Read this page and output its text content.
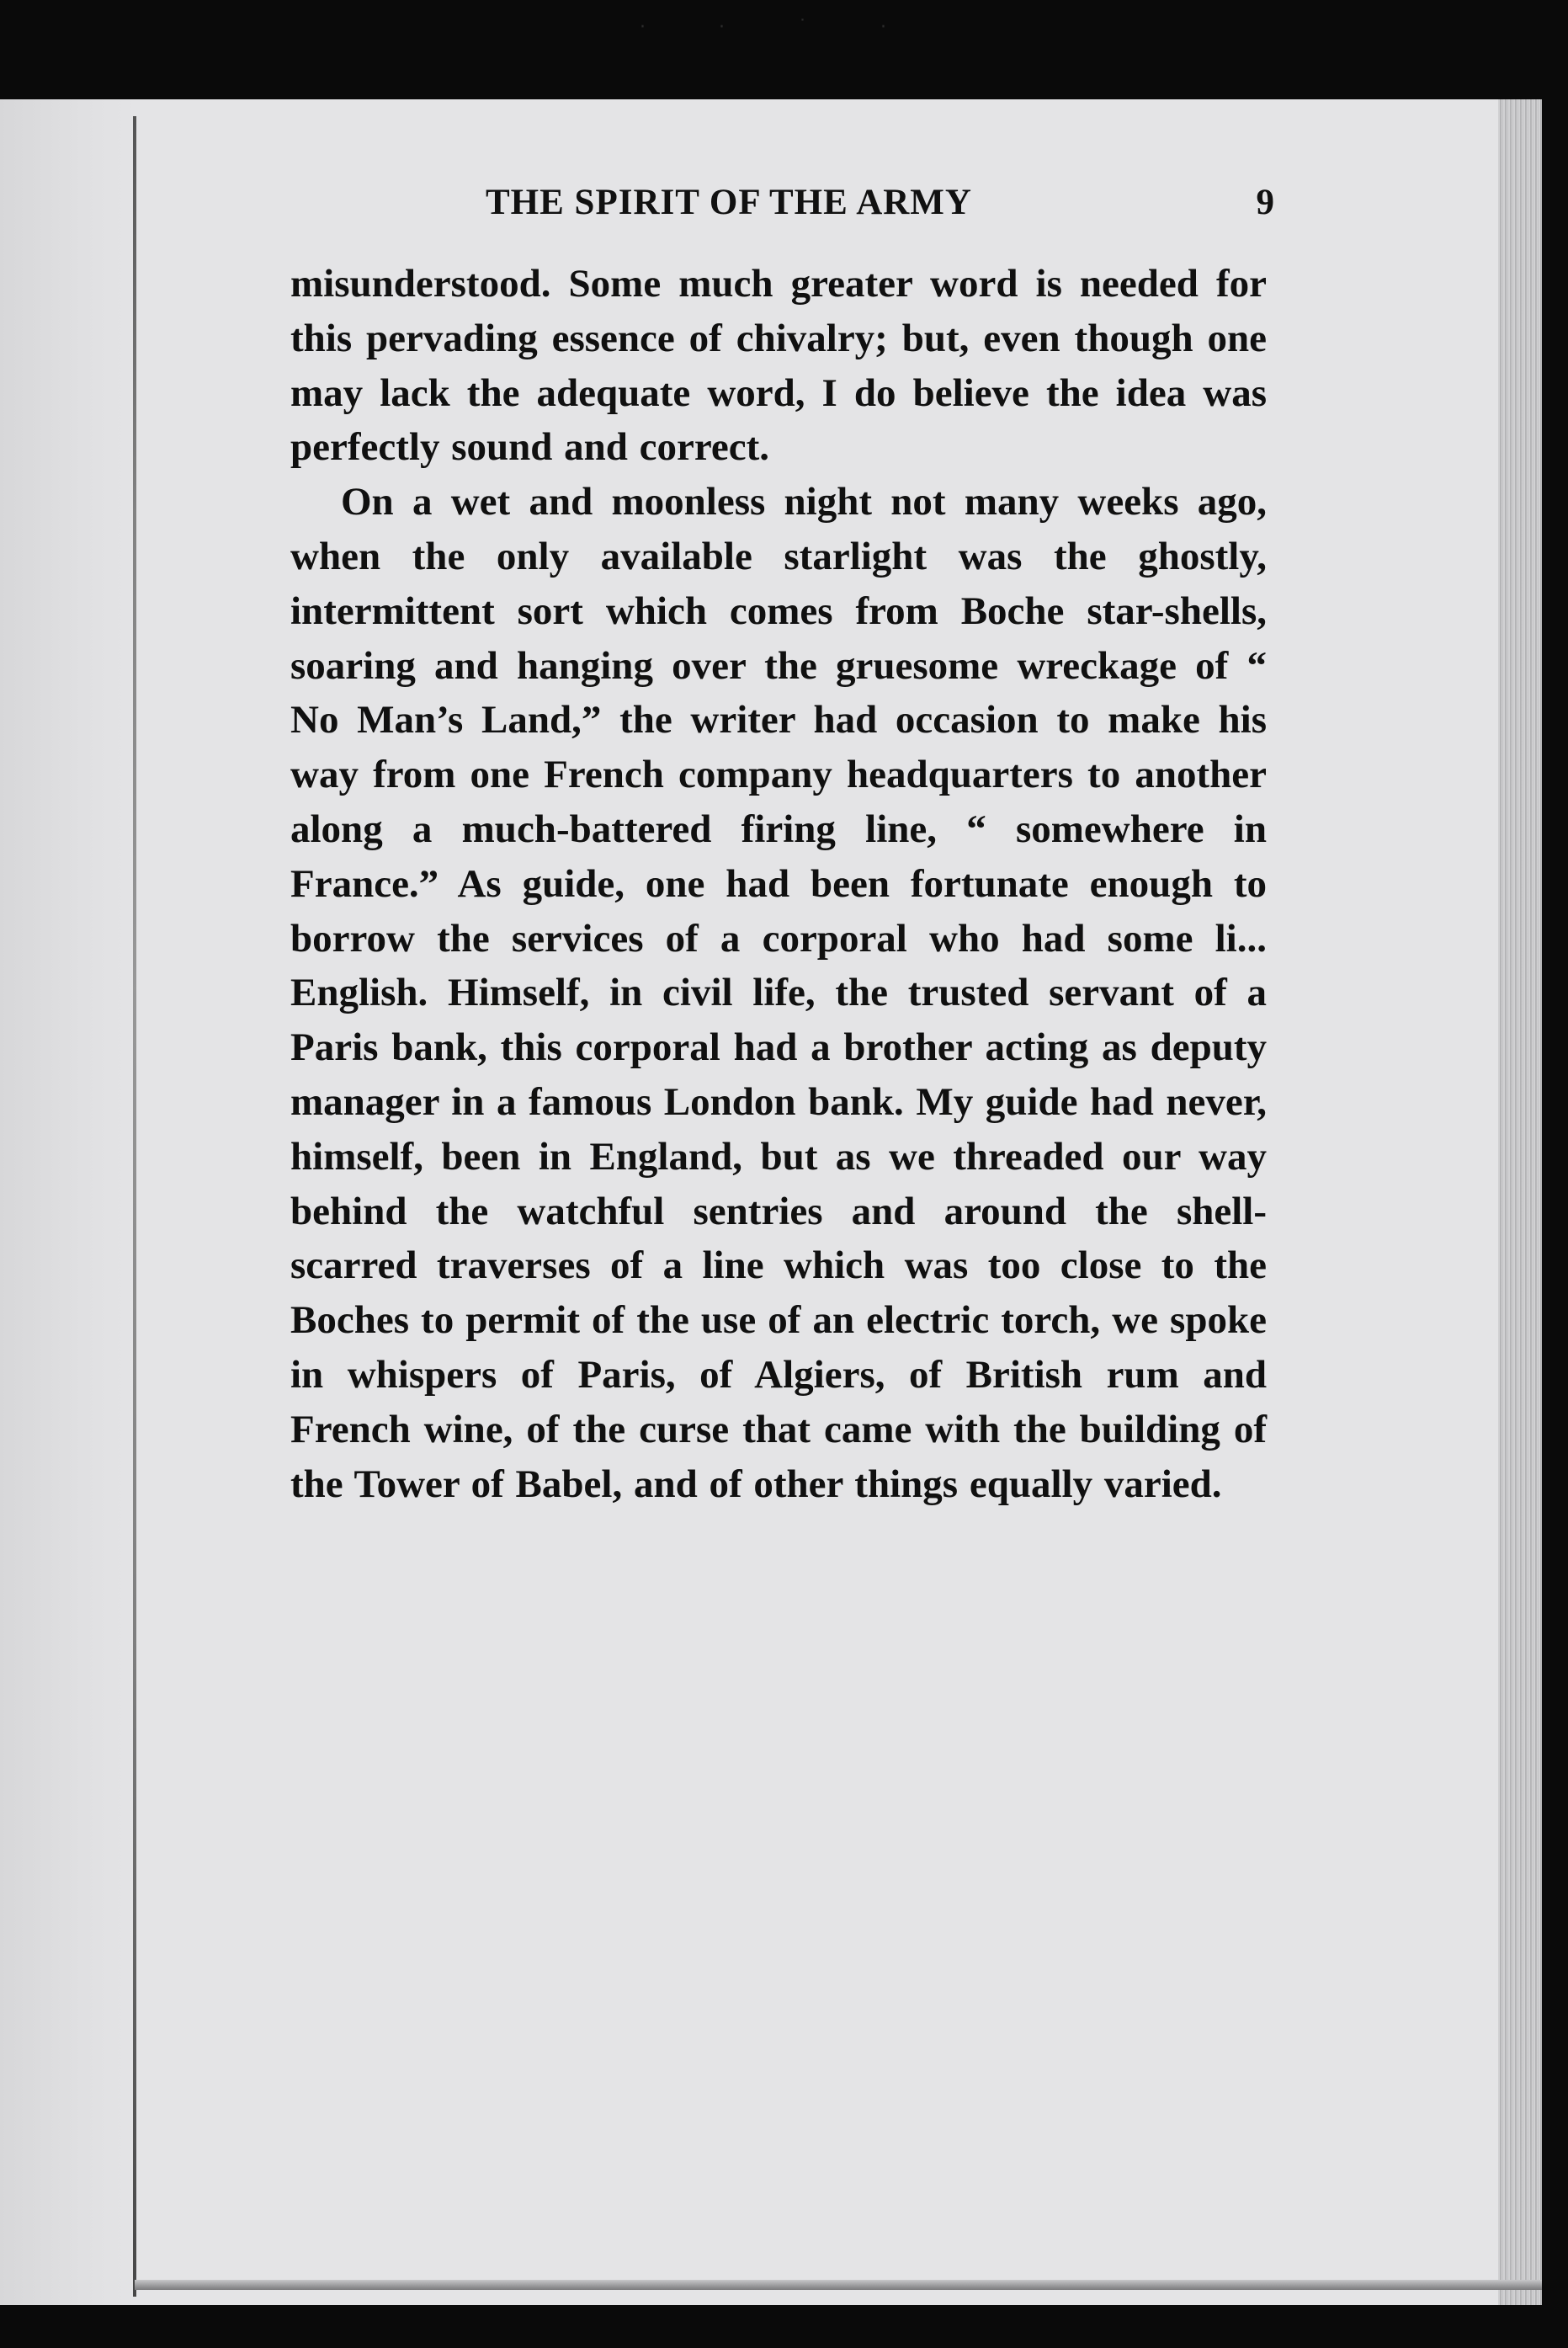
· · ˙ ·
THE SPIRIT OF THE ARMY	9

misunderstood. Some much greater word is needed for this pervading essence of chivalry; but, even though one may lack the adequate word, I do believe the idea was perfectly sound and correct.

On a wet and moonless night not many weeks ago, when the only available starlight was the ghostly, intermittent sort which comes from Boche star-shells, soaring and hanging over the gruesome wreckage of “ No Man’s Land,” the writer had occasion to make his way from one French company headquarters to another along a much-battered firing line, “ somewhere in France.” As guide, one had been fortunate enough to borrow the services of a corporal who had some li... English. Himself, in civil life, the trusted servant of a Paris bank, this corporal had a brother acting as deputy manager in a famous London bank. My guide had never, himself, been in England, but as we threaded our way behind the watchful sentries and around the shell-scarred traverses of a line which was too close to the Boches to permit of the use of an electric torch, we spoke in whispers of Paris, of Algiers, of British rum and French wine, of the curse that came with the building of the Tower of Babel, and of other things equally varied.
